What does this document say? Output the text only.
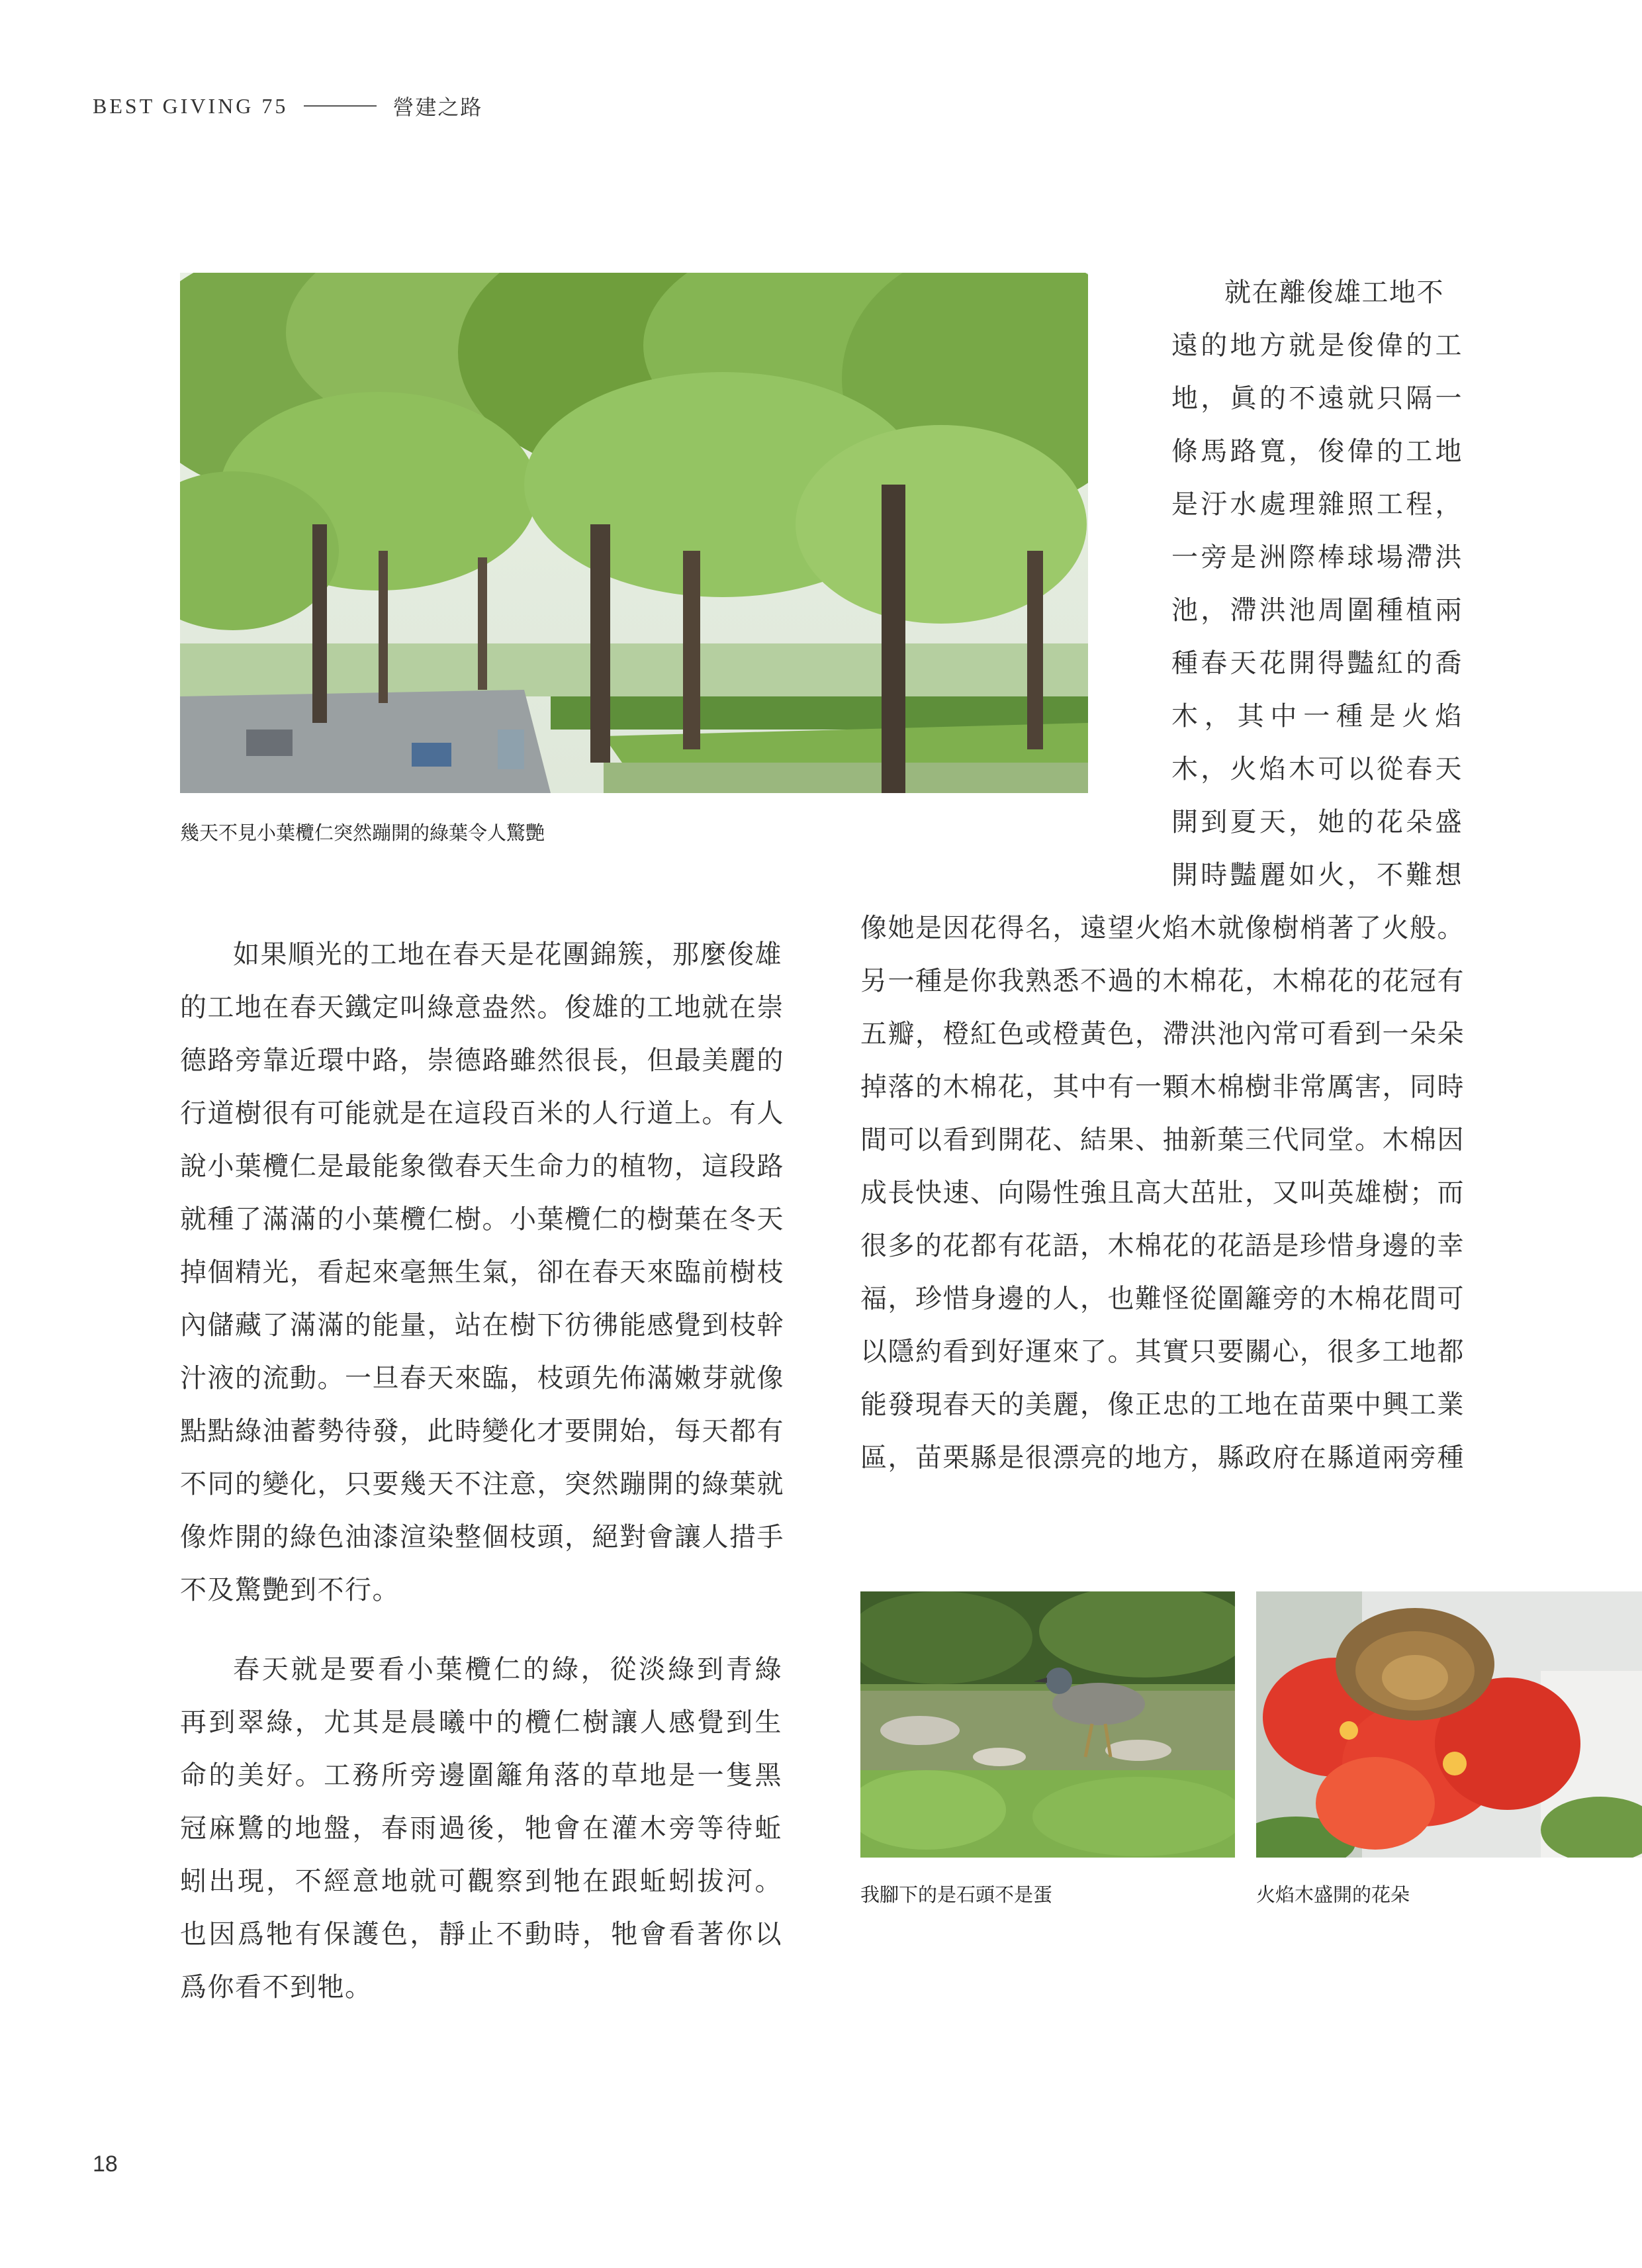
BEST GIVING 75	營建之路
幾天不見小葉欖仁突然蹦開的綠葉令人驚艷
就在離俊雄工地不
遠的地方就是俊偉的工
地，眞的不遠就只隔一
條馬路寬，俊偉的工地
是汙水處理雜照工程，
一旁是洲際棒球場滯洪
池，滯洪池周圍種植兩
種春天花開得豔紅的喬
木，其中一種是火焰
木，火焰木可以從春天
開到夏天，她的花朵盛
開時豔麗如火，不難想
像她是因花得名，遠望火焰木就像樹梢著了火般。
另一種是你我熟悉不過的木棉花，木棉花的花冠有
五瓣，橙紅色或橙黃色，滯洪池內常可看到一朵朵
掉落的木棉花，其中有一顆木棉樹非常厲害，同時
間可以看到開花、結果、抽新葉三代同堂。木棉因
成長快速、向陽性強且高大茁壯，又叫英雄樹；而
很多的花都有花語，木棉花的花語是珍惜身邊的幸
福，珍惜身邊的人，也難怪從圍籬旁的木棉花間可
以隱約看到好運來了。其實只要關心，很多工地都
能發現春天的美麗，像正忠的工地在苗栗中興工業
區，苗栗縣是很漂亮的地方，縣政府在縣道兩旁種
如果順光的工地在春天是花團錦簇，那麼俊雄
的工地在春天鐵定叫綠意盎然。俊雄的工地就在崇
德路旁靠近環中路，崇德路雖然很長，但最美麗的
行道樹很有可能就是在這段百米的人行道上。有人
說小葉欖仁是最能象徵春天生命力的植物，這段路
就種了滿滿的小葉欖仁樹。小葉欖仁的樹葉在冬天
掉個精光，看起來毫無生氣，卻在春天來臨前樹枝
內儲藏了滿滿的能量，站在樹下彷彿能感覺到枝幹
汁液的流動。一旦春天來臨，枝頭先佈滿嫩芽就像
點點綠油蓄勢待發，此時變化才要開始，每天都有
不同的變化，只要幾天不注意，突然蹦開的綠葉就
像炸開的綠色油漆渲染整個枝頭，絕對會讓人措手
不及驚艷到不行。
春天就是要看小葉欖仁的綠，從淡綠到青綠
再到翠綠，尤其是晨曦中的欖仁樹讓人感覺到生
命的美好。工務所旁邊圍籬角落的草地是一隻黑
冠麻鷺的地盤，春雨過後，牠會在灌木旁等待蚯
蚓出現，不經意地就可觀察到牠在跟蚯蚓拔河。
也因爲牠有保護色，靜止不動時，牠會看著你以
爲你看不到牠。
我腳下的是石頭不是蛋	火焰木盛開的花朵
18
